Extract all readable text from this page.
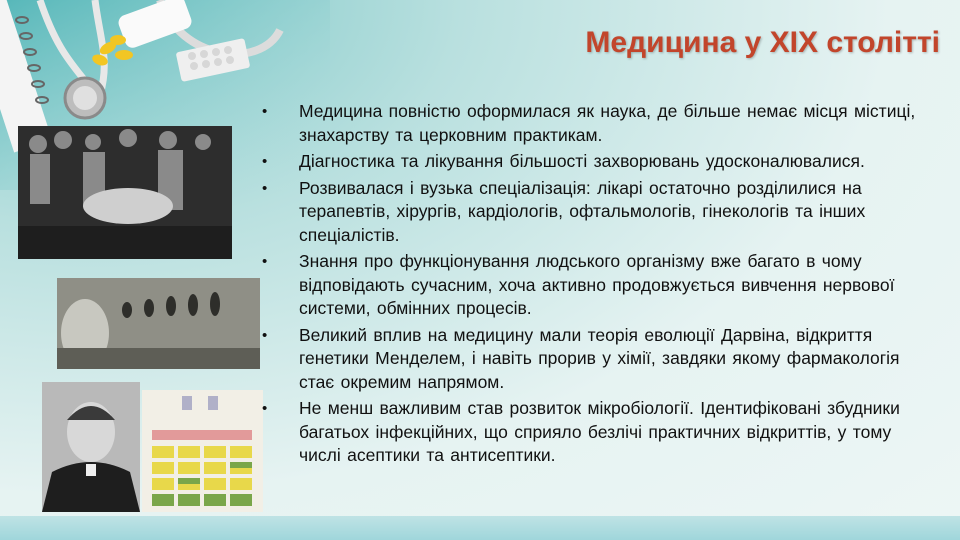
Медицина у ХІХ столітті
• Медицина повністю оформилася як наука, де більше немає місця містиці, знахарству та церковним практикам.
• Діагностика та лікування більшості захворювань удосконалювалися.
• Розвивалася і вузька спеціалізація: лікарі остаточно розділилися на терапевтів, хірургів, кардіологів, офтальмологів, гінекологів та інших спеціалістів.
• Знання про функціонування людського організму вже багато в чому відповідають сучасним, хоча активно продовжується вивчення нервової системи, обмінних процесів.
• Великий вплив на медицину мали теорія еволюції Дарвіна, відкриття генетики Менделем, і навіть прорив у хімії, завдяки якому фармакологія стає окремим напрямом.
• Не менш важливим став розвиток мікробіології. Ідентифіковані збудники багатьох інфекційних, що сприяло безлічі практичних відкриттів, у тому числі асептики та антисептики.
